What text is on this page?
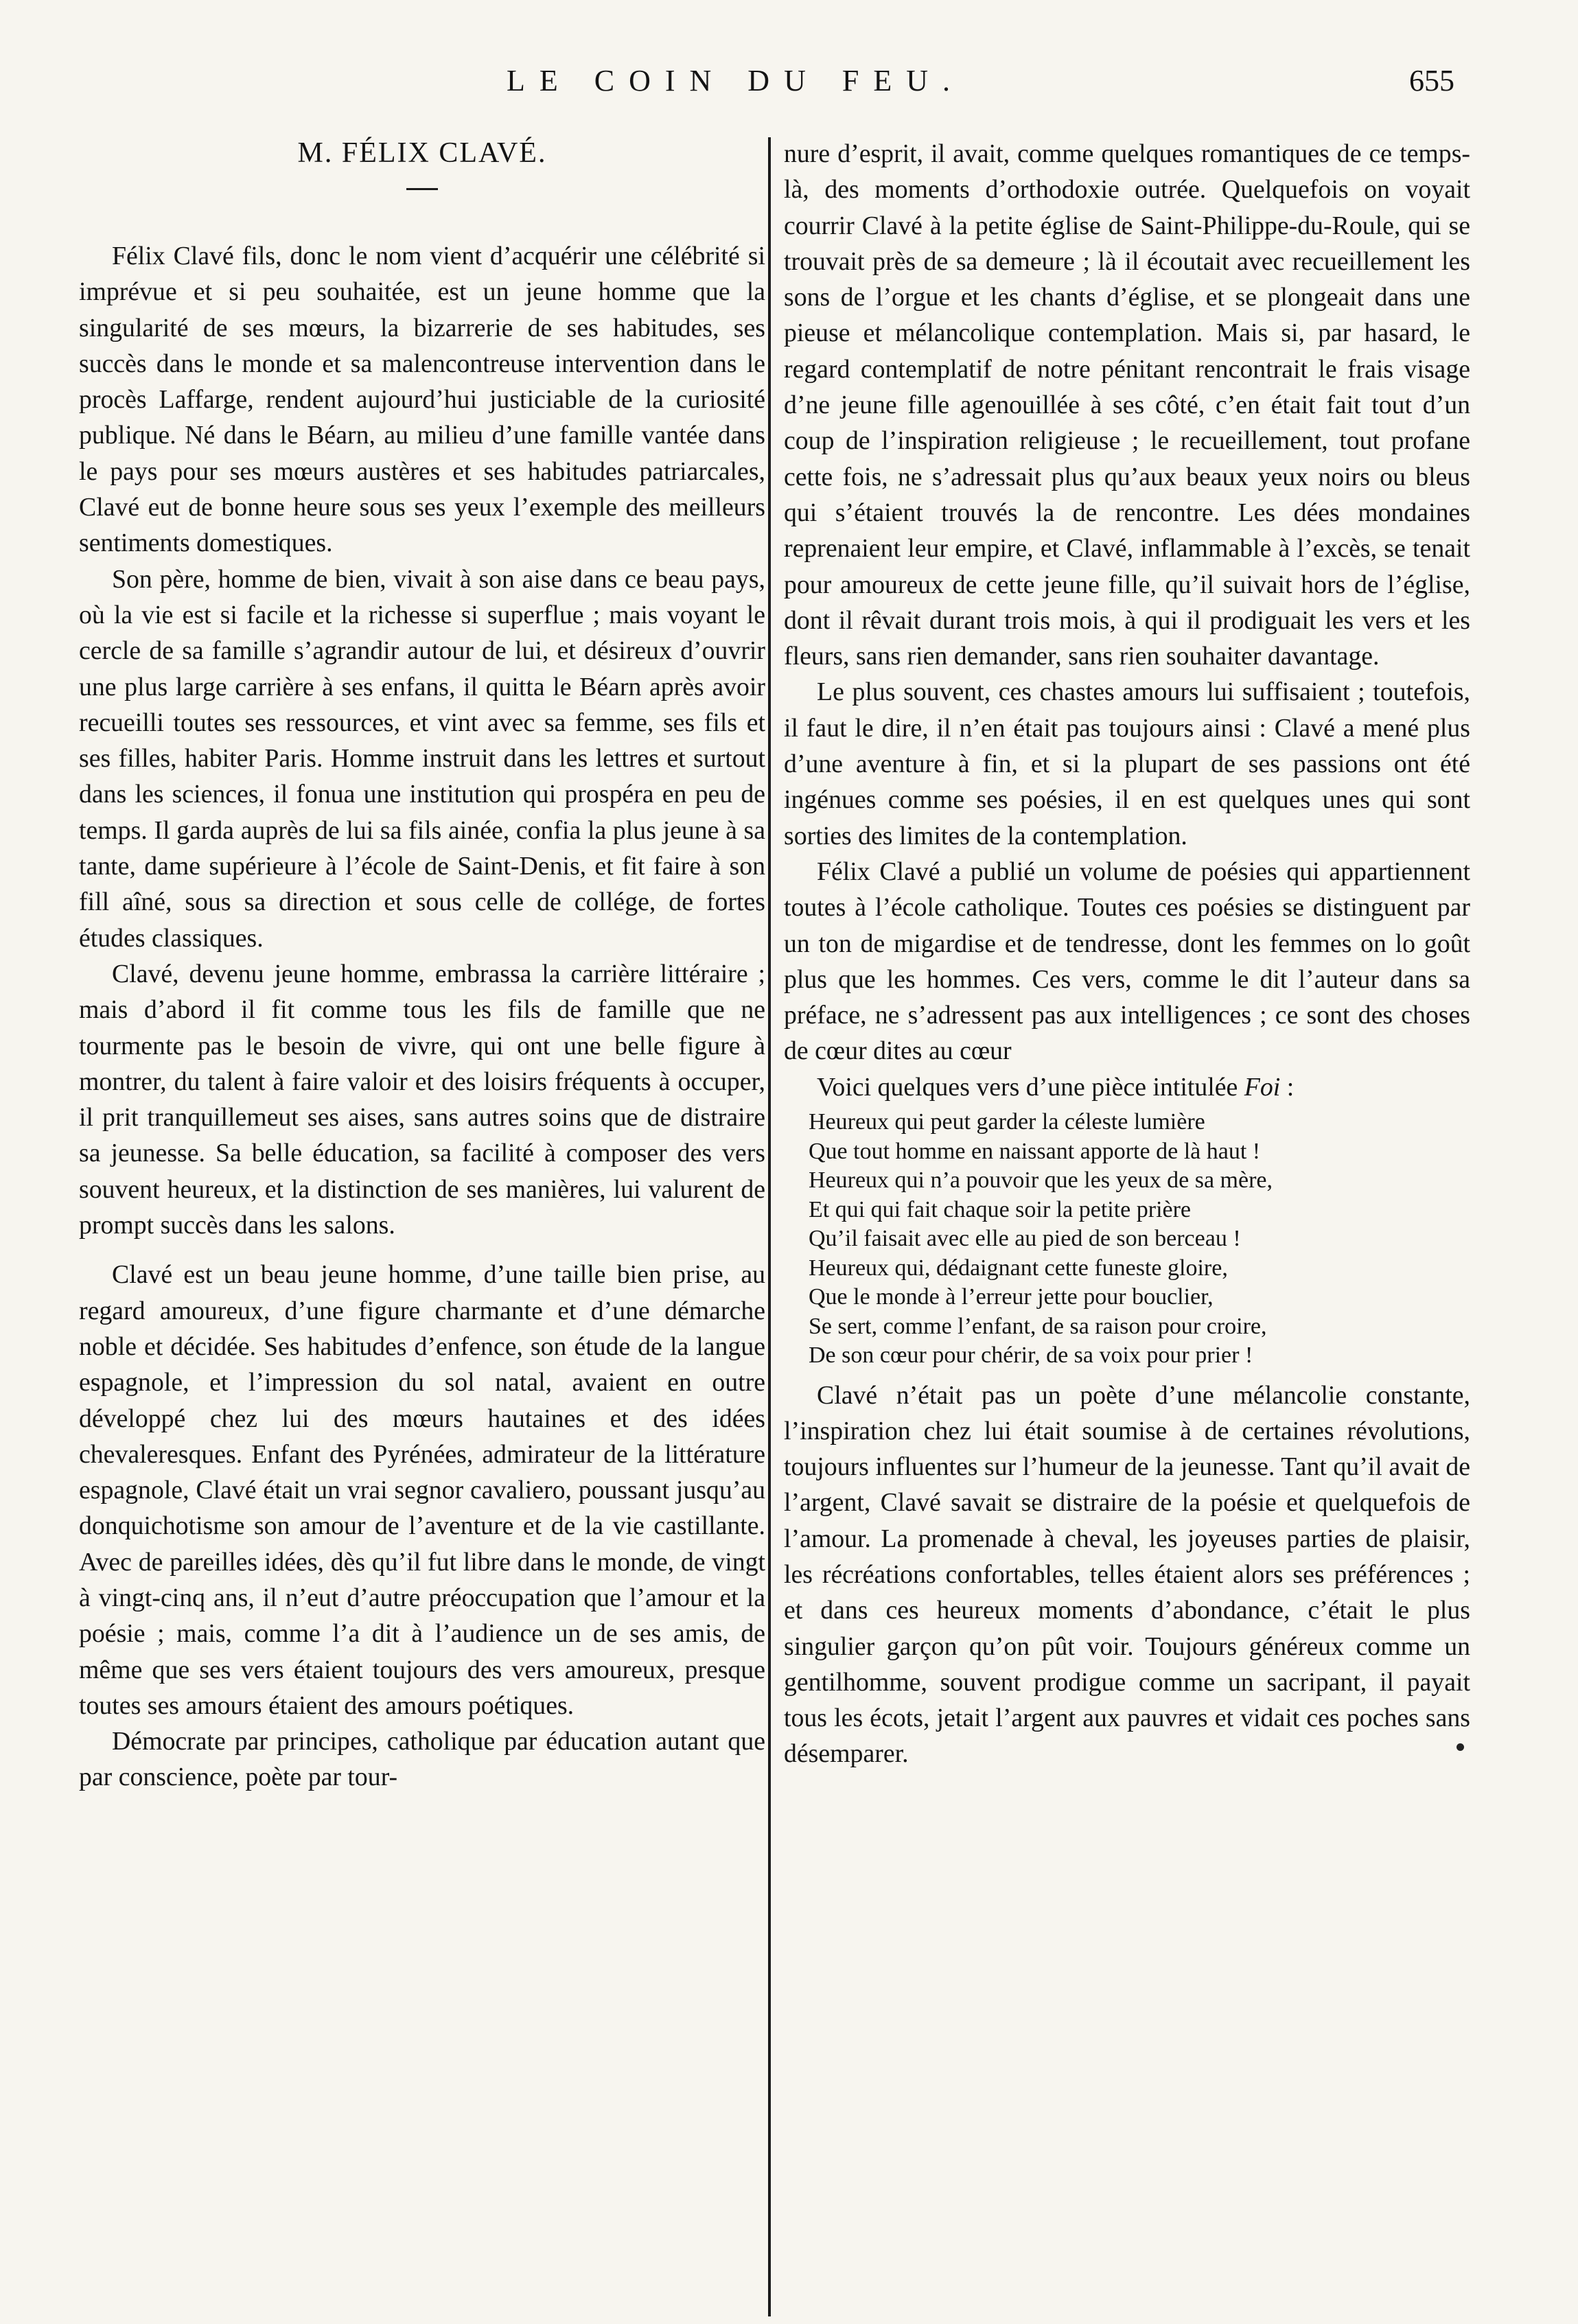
LE COIN DU FEU.	655
M. FÉLIX CLAVÉ.

Félix Clavé fils, donc le nom vient d’acquérir une célébrité si imprévue et si peu souhaitée, est un jeune homme que la singularité de ses mœurs, la bizarrerie de ses habitudes, ses succès dans le monde et sa malencontreuse intervention dans le procès Laffarge, rendent aujourd’hui justiciable de la curiosité publique. Né dans le Béarn, au milieu d’une famille vantée dans le pays pour ses mœurs austères et ses habitudes patriarcales, Clavé eut de bonne heure sous ses yeux l’exemple des meilleurs sentiments domestiques.

Son père, homme de bien, vivait à son aise dans ce beau pays, où la vie est si facile et la richesse si superflue ; mais voyant le cercle de sa famille s’agrandir autour de lui, et désireux d’ouvrir une plus large carrière à ses enfans, il quitta le Béarn après avoir recueilli toutes ses ressources, et vint avec sa femme, ses fils et ses filles, habiter Paris. Homme instruit dans les lettres et surtout dans les sciences, il fonua une institution qui prospéra en peu de temps. Il garda auprès de lui sa fils ainée, confia la plus jeune à sa tante, dame supérieure à l’école de Saint-Denis, et fit faire à son fill aîné, sous sa direction et sous celle de collége, de fortes études classiques.

Clavé, devenu jeune homme, embrassa la carrière littéraire ; mais d’abord il fit comme tous les fils de famille que ne tourmente pas le besoin de vivre, qui ont une belle figure à montrer, du talent à faire valoir et des loisirs fréquents à occuper, il prit tranquillemeut ses aises, sans autres soins que de distraire sa jeunesse. Sa belle éducation, sa facilité à composer des vers souvent heureux, et la distinction de ses manières, lui valurent de prompt succès dans les salons.

Clavé est un beau jeune homme, d’une taille bien prise, au regard amoureux, d’une figure charmante et d’une démarche noble et décidée. Ses habitudes d’enfence, son étude de la langue espagnole, et l’impression du sol natal, avaient en outre développé chez lui des mœurs hautaines et des idées chevaleresques. Enfant des Pyrénées, admirateur de la littérature espagnole, Clavé était un vrai segnor cavaliero, poussant jusqu’au donquichotisme son amour de l’aventure et de la vie castillante. Avec de pareilles idées, dès qu’il fut libre dans le monde, de vingt à vingt-cinq ans, il n’eut d’autre préoccupation que l’amour et la poésie ; mais, comme l’a dit à l’audience un de ses amis, de même que ses vers étaient toujours des vers amoureux, presque toutes ses amours étaient des amours poétiques.

Démocrate par principes, catholique par éducation autant que par conscience, poète par tour-

nure d’esprit, il avait, comme quelques romantiques de ce temps-là, des moments d’orthodoxie outrée. Quelquefois on voyait courrir Clavé à la petite église de Saint-Philippe-du-Roule, qui se trouvait près de sa demeure ; là il écoutait avec recueillement les sons de l’orgue et les chants d’église, et se plongeait dans une pieuse et mélancolique contemplation. Mais si, par hasard, le regard contemplatif de notre pénitant rencontrait le frais visage d’ne jeune fille agenouillée à ses côté, c’en était fait tout d’un coup de l’inspiration religieuse ; le recueillement, tout profane cette fois, ne s’adressait plus qu’aux beaux yeux noirs ou bleus qui s’étaient trouvés la de rencontre. Les dées mondaines reprenaient leur empire, et Clavé, inflammable à l’excès, se tenait pour amoureux de cette jeune fille, qu’il suivait hors de l’église, dont il rêvait durant trois mois, à qui il prodiguait les vers et les fleurs, sans rien demander, sans rien souhaiter davantage.

Le plus souvent, ces chastes amours lui suffisaient ; toutefois, il faut le dire, il n’en était pas toujours ainsi : Clavé a mené plus d’une aventure à fin, et si la plupart de ses passions ont été ingénues comme ses poésies, il en est quelques unes qui sont sorties des limites de la contemplation.

Félix Clavé a publié un volume de poésies qui appartiennent toutes à l’école catholique. Toutes ces poésies se distinguent par un ton de migardise et de tendresse, dont les femmes on lo goût plus que les hommes. Ces vers, comme le dit l’auteur dans sa préface, ne s’adressent pas aux intelligences ; ce sont des choses de cœur dites au cœur

Voici quelques vers d’une pièce intitulée Foi :

Heureux qui peut garder la céleste lumière
Que tout homme en naissant apporte de là haut !
Heureux qui n’a pouvoir que les yeux de sa mère,
Et qui qui fait chaque soir la petite prière
Qu’il faisait avec elle au pied de son berceau !
Heureux qui, dédaignant cette funeste gloire,
Que le monde à l’erreur jette pour bouclier,
Se sert, comme l’enfant, de sa raison pour croire,
De son cœur pour chérir, de sa voix pour prier !

Clavé n’était pas un poète d’une mélancolie constante, l’inspiration chez lui était soumise à de certaines révolutions, toujours influentes sur l’humeur de la jeunesse. Tant qu’il avait de l’argent, Clavé savait se distraire de la poésie et quelquefois de l’amour. La promenade à cheval, les joyeuses parties de plaisir, les récréations confortables, telles étaient alors ses préférences ; et dans ces heureux moments d’abondance, c’était le plus singulier garçon qu’on pût voir. Toujours généreux comme un gentilhomme, souvent prodigue comme un sacripant, il payait tous les écots, jetait l’argent aux pauvres et vidait ces poches sans désemparer.
